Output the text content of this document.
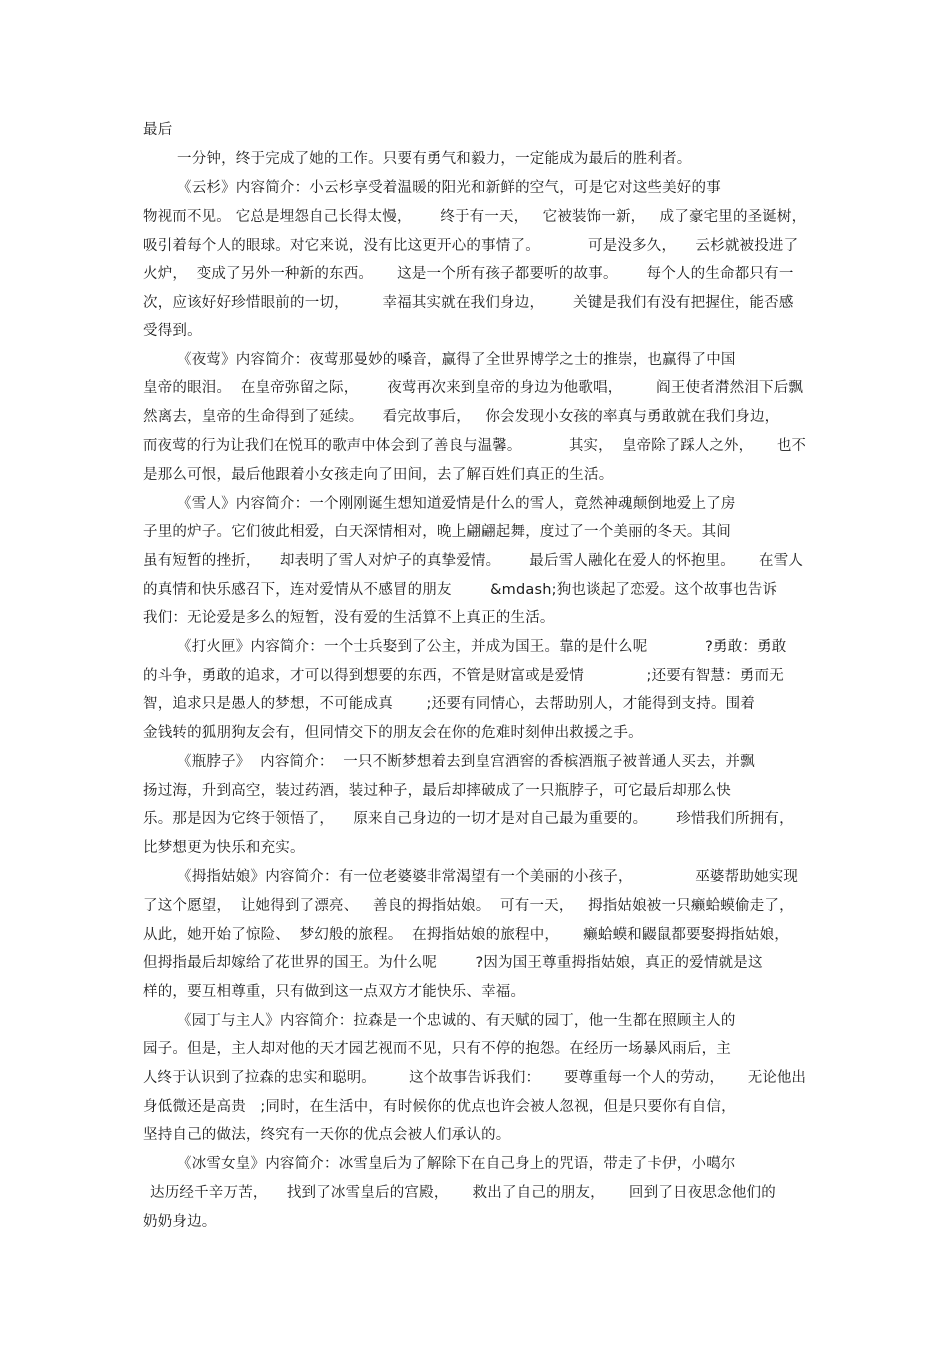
最后
一分钟，终于完成了她的工作。只要有勇气和毅力，一定能成为最后的胜利者。
《云杉》内容简介：小云杉享受着温暖的阳光和新鲜的空气，可是它对这些美好的事
物视而不见。 它总是埋怨自己长得太慢，      终于有一天，   它被装饰一新，   成了豪宅里的圣诞树，
吸引着每个人的眼球。对它来说，没有比这更开心的事情了。          可是没多久，    云杉就被投进了
火炉，  变成了另外一种新的东西。     这是一个所有孩子都要听的故事。      每个人的生命都只有一
次，应该好好珍惜眼前的一切，       幸福其实就在我们身边，      关键是我们有没有把握住，能否感
受得到。
《夜莺》内容简介：夜莺那曼妙的嗓音，赢得了全世界博学之士的推崇，也赢得了中国
皇帝的眼泪。  在皇帝弥留之际，      夜莺再次来到皇帝的身边为他歌唱，       阎王使者潸然泪下后飘
然离去，皇帝的生命得到了延续。    看完故事后，   你会发现小女孩的率真与勇敢就在我们身边，
而夜莺的行为让我们在悦耳的歌声中体会到了善良与温馨。          其实，  皇帝除了踩人之外，     也不
是那么可恨，最后他跟着小女孩走向了田间，去了解百姓们真正的生活。
《雪人》内容简介：一个刚刚诞生想知道爱情是什么的雪人，竟然神魂颠倒地爱上了房
子里的炉子。它们彼此相爱，白天深情相对，晚上翩翩起舞，度过了一个美丽的冬天。其间
虽有短暂的挫折，    却表明了雪人对炉子的真挚爱情。      最后雪人融化在爱人的怀抱里。     在雪人
的真情和快乐感召下，连对爱情从不感冒的朋友        &mdash;狗也谈起了恋爱。这个故事也告诉
我们：无论爱是多么的短暂，没有爱的生活算不上真正的生活。
《打火匣》内容简介：一个士兵娶到了公主，并成为国王。靠的是什么呢            ?勇敢：勇敢
的斗争，勇敢的追求，才可以得到想要的东西，不管是财富或是爱情             ;还要有智慧：勇而无
智，追求只是愚人的梦想，不可能成真       ;还要有同情心，去帮助别人，才能得到支持。围着
金钱转的狐朋狗友会有，但同情交下的朋友会在你的危难时刻伸出救援之手。
《瓶脖子》  内容简介：  一只不断梦想着去到皇宫酒窖的香槟酒瓶子被普通人买去，并飘
扬过海，升到高空，装过药酒，装过种子，最后却摔破成了一只瓶脖子，可它最后却那么快
乐。那是因为它终于领悟了，    原来自己身边的一切才是对自己最为重要的。      珍惜我们所拥有，
比梦想更为快乐和充实。
《拇指姑娘》内容简介：有一位老婆婆非常渴望有一个美丽的小孩子，             巫婆帮助她实现
了这个愿望，  让她得到了漂亮、   善良的拇指姑娘。  可有一天，   拇指姑娘被一只癞蛤蟆偷走了，
从此，她开始了惊险、  梦幻般的旅程。  在拇指姑娘的旅程中，     癞蛤蟆和鼹鼠都要娶拇指姑娘，
但拇指最后却嫁给了花世界的国王。为什么呢        ?因为国王尊重拇指姑娘，真正的爱情就是这
样的，要互相尊重，只有做到这一点双方才能快乐、幸福。
《园丁与主人》内容简介：拉森是一个忠诚的、有天赋的园丁，他一生都在照顾主人的
园子。但是，主人却对他的天才园艺视而不见，只有不停的抱怨。在经历一场暴风雨后，主
人终于认识到了拉森的忠实和聪明。       这个故事告诉我们：     要尊重每一个人的劳动，     无论他出
身低微还是高贵   ;同时，在生活中，有时候你的优点也许会被人忽视，但是只要你有自信，
坚持自己的做法，终究有一天你的优点会被人们承认的。
《冰雪女皇》内容简介：冰雪皇后为了解除下在自己身上的咒语，带走了卡伊，小噶尔
达历经千辛万苦，    找到了冰雪皇后的宫殿，     救出了自己的朋友，     回到了日夜思念他们的
奶奶身边。
